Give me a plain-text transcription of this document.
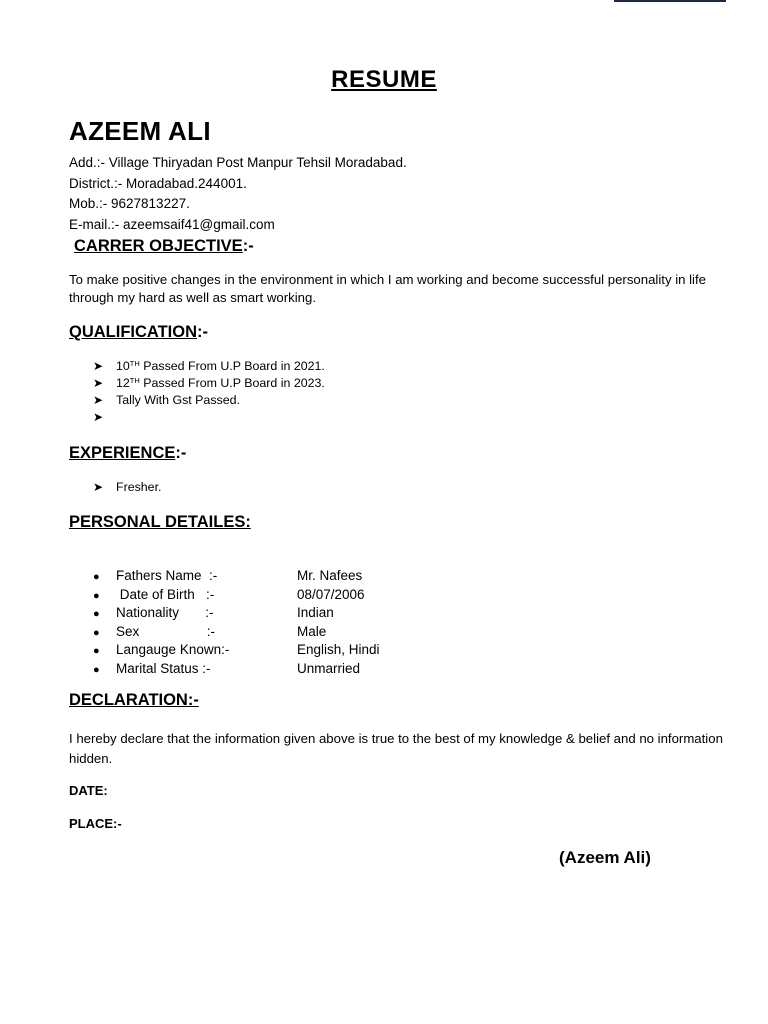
RESUME
AZEEM ALI
Add.:- Village Thiryadan Post Manpur Tehsil Moradabad.
District.:- Moradabad.244001.
Mob.:- 9627813227.
E-mail.:- azeemsaif41@gmail.com
CARRER OBJECTIVE:-
To make positive changes in the environment in which I am working and become successful personality in life through my hard as well as smart working.
QUALIFICATION:-
➤ 10TH Passed From U.P Board in 2021.
➤ 12TH Passed From U.P Board in 2023.
➤ Tally With Gst Passed.
➤
EXPERIENCE:-
➤ Fresher.
PERSONAL DETAILES:
● Fathers Name  :-	Mr. Nafees
● Date of Birth   :-	08/07/2006
● Nationality       :-	Indian
● Sex                  :-	Male
● Langauge Known:-	English, Hindi
● Marital Status :-	Unmarried
DECLARATION:-
I hereby declare that the information given above is true to the best of my knowledge & belief and no information hidden.
DATE:
PLACE:-
(Azeem Ali)
